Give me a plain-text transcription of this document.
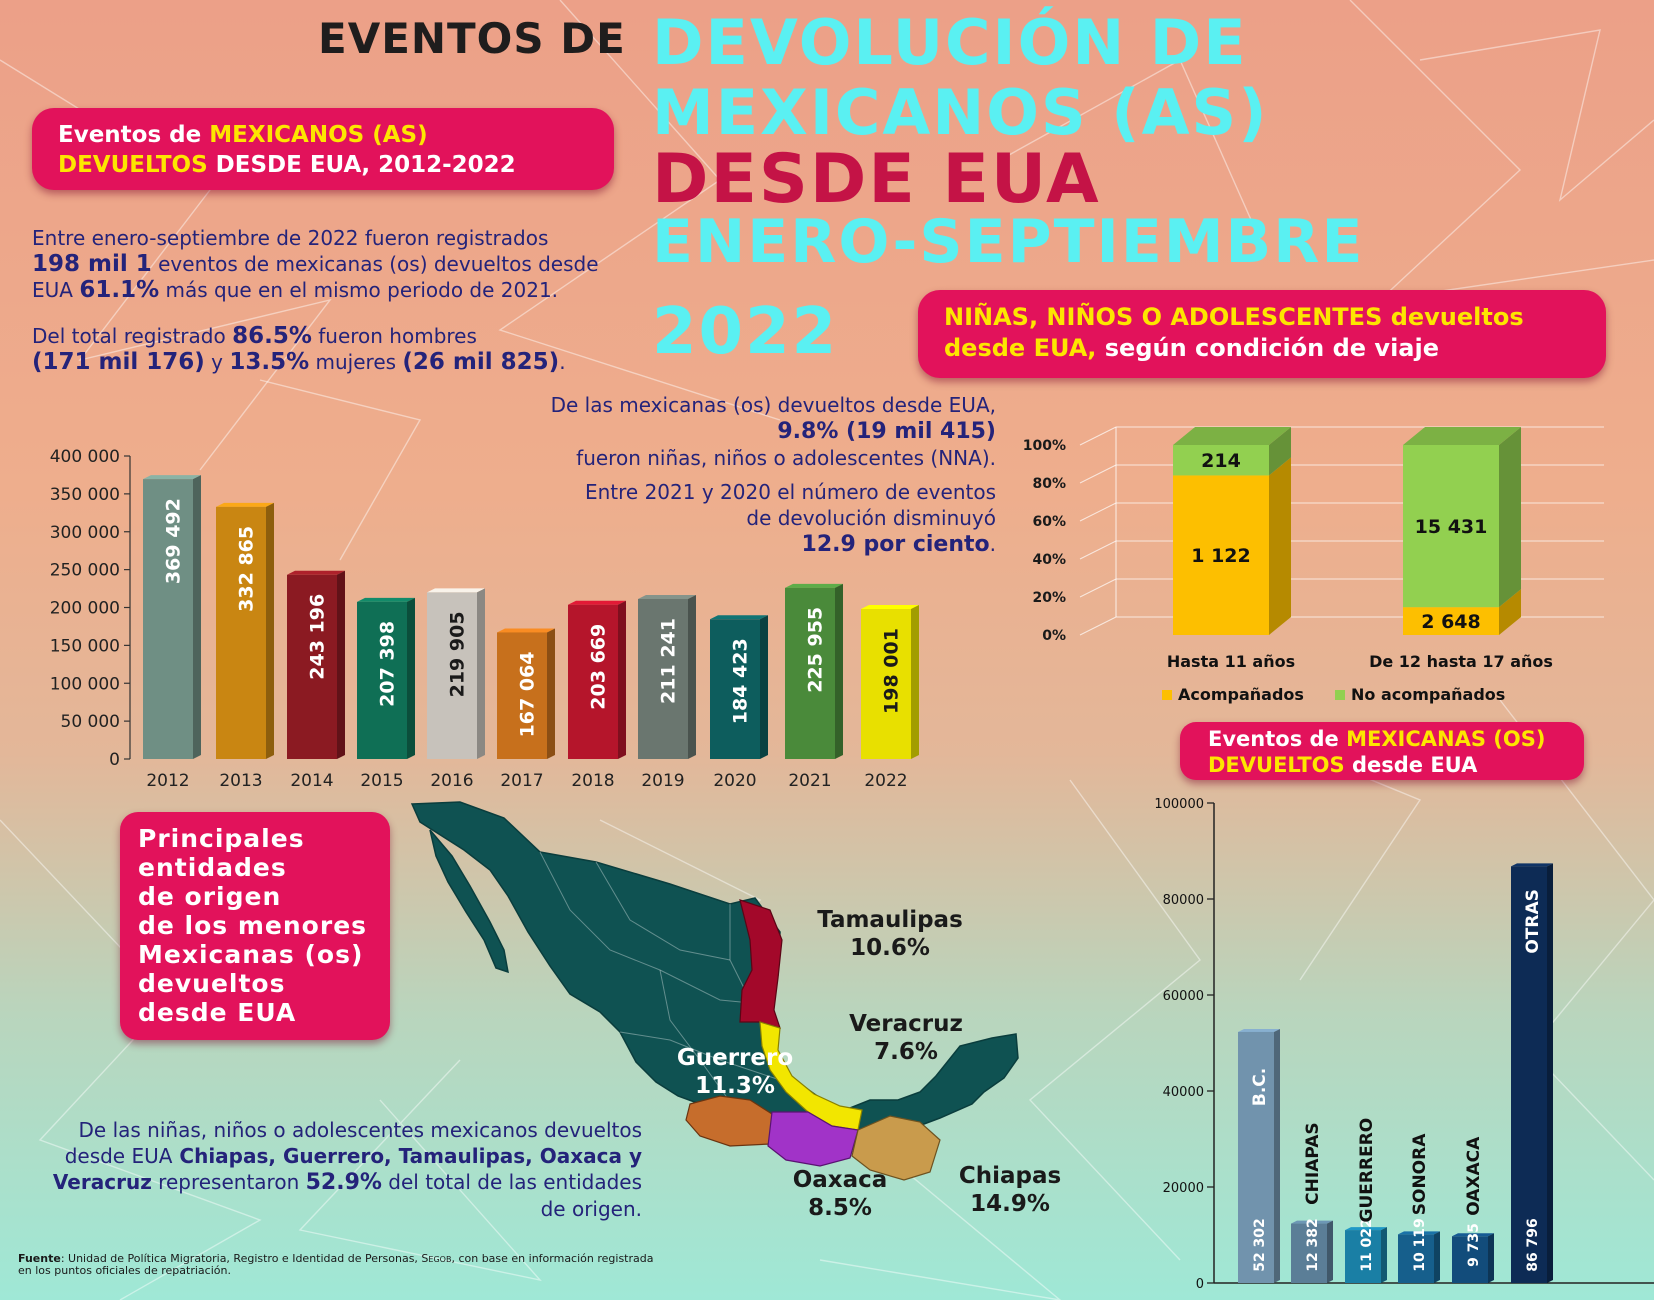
EVENTOS DE DEVOLUCIÓN DE
MEXICANOS (AS)
DESDE EUA
ENERO-SEPTIEMBRE
2022
Eventos de MEXICANOS (AS)
DEVUELTOS DESDE EUA, 2012-2022
Entre enero-septiembre de 2022 fueron registrados
198 mil 1 eventos de mexicanas (os) devueltos desde
EUA 61.1% más que en el mismo periodo de 2021.
Del total registrado 86.5% fueron hombres
(171 mil 176) y 13.5% mujeres (26 mil 825).
De las mexicanas (os) devueltos desde EUA,
9.8% (19 mil 415)
fueron niñas, niños o adolescentes (NNA).

Entre 2021 y 2020 el número de eventos
de devolución disminuyó
12.9 por ciento.
400 000
350 000
300 000
250 000
200 000
150 000
100 000
50 000
0
369 492
2012
332 865
2013
243 196
2014
207 398
2015
219 905
2016
167 064
2017
203 669
2018
211 241
2019
184 423
2020
225 955
2021
198 001
2022
NIÑAS, NIÑOS O ADOLESCENTES devueltos
desde EUA, según condición de viaje
100%
80%
60%
40%
20%
0%
1 122
214
Hasta 11 años
2 648
15 431
De 12 hasta 17 años
Acompañados	No acompañados
Eventos de MEXICANAS (OS)
DEVUELTOS desde EUA
100000
80000
60000
40000
20000
0
52 302
B.C.
12 382
CHIAPAS
11 022
GUERRERO
10 119
SONORA
9 735
OAXACA
86 796
OTRAS
Principales
entidades
de origen
de los menores
Mexicanas (os)
devueltos
desde EUA
Tamaulipas
10.6%
Veracruz
7.6%
Guerrero
11.3%
Oaxaca
8.5%
Chiapas
14.9%
De las niñas, niños o adolescentes mexicanos devueltos
desde EUA Chiapas, Guerrero, Tamaulipas, Oaxaca y
Veracruz representaron 52.9% del total de las entidades
de origen.
Fuente: Unidad de Política Migratoria, Registro e Identidad de Personas, Segob, con base en información registrada
en los puntos oficiales de repatriación.
